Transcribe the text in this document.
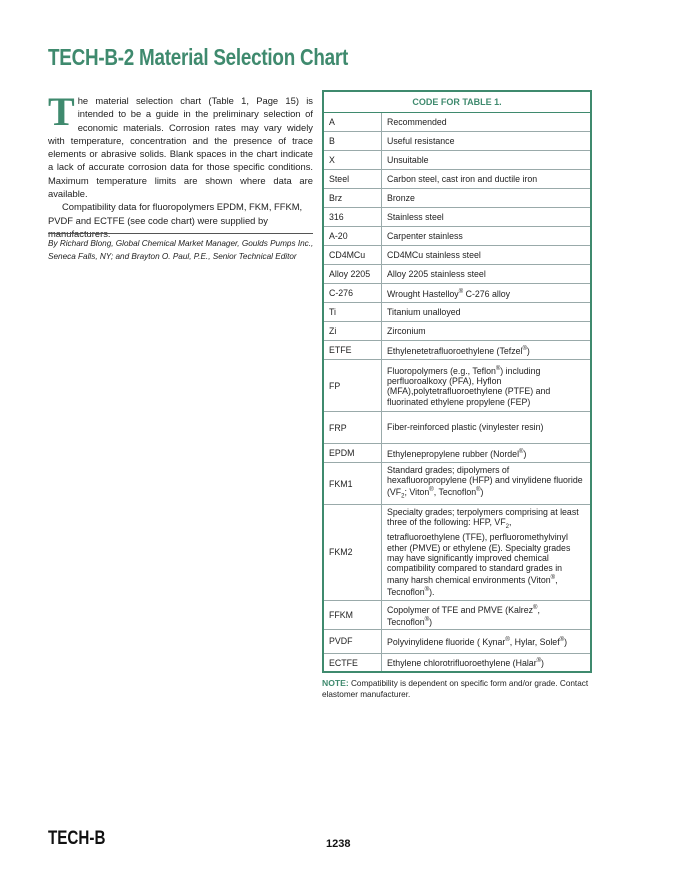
TECH-B-2 Material Selection Chart

The material selection chart (Table 1, Page 15) is intended to be a guide in the preliminary selection of economic materials. Corrosion rates may vary widely with temperature, concentration and the presence of trace elements or abrasive solids. Blank spaces in the chart indicate a lack of accurate corrosion data for those specific conditions. Maximum temperature limits are shown where data are available.

Compatibility data for fluoropolymers EPDM, FKM, FFKM, PVDF and ECTFE (see code chart) were supplied by

By Richard Blong, Global Chemical Market Manager, Goulds Pumps Inc., Seneca Falls, NY; and Brayton O. Paul, P.E., Senior Technical Editor
CODE FOR TABLE 1.	
A	Recommended
B	Useful resistance
X	Unsuitable
Steel	Carbon steel, cast iron and ductile iron
Brz	Bronze
316	Stainless steel
A-20	Carpenter stainless
CD4MCu	CD4MCu stainless steel
Alloy 2205	Alloy 2205 stainless steel
C-276	Wrought Hastelloy® C-276 alloy
Ti	Titanium unalloyed
Zi	Zirconium
ETFE	Ethylenetetrafluoroethylene (Tefzel®)
FP	Fluoropolymers (e.g., Teflon®) including perfluoroalkoxy (PFA), Hyflon (MFA),polytetrafluoroethylene (PTFE) and fluorinated ethylene propylene (FEP)
FRP	Fiber-reinforced plastic (vinylester resin)
EPDM	Ethylenepropylene rubber (Nordel®)
FKM1	Standard grades; dipolymers of hexafluoropropylene (HFP) and vinylidene fluoride ($VF_2$; Viton®, Tecnoflon®)
FKM2	Specialty grades; terpolymers comprising at least three of the following: HFP, $VF_2$, tetrafluoroethylene (TFE), perfluoromethylvinyl ether (PMVE) or ethylene (E). Specialty grades may have significantly improved chemical compatibility compared to standard grades in many harsh chemical environments (Viton®, Tecnoflon®).
FFKM	Copolymer of TFE and PMVE (Kalrez®, Tecnoflon®)
PVDF	Polyvinylidene fluoride ( Kynar®, Hylar, Solef®)
ECTFE	Ethylene chlorotrifluoroethylene (Halar®)
NOTE: Compatibility is dependent on specific form and/or grade. Contact elastomer manufacturer.
TECH-B	1238
